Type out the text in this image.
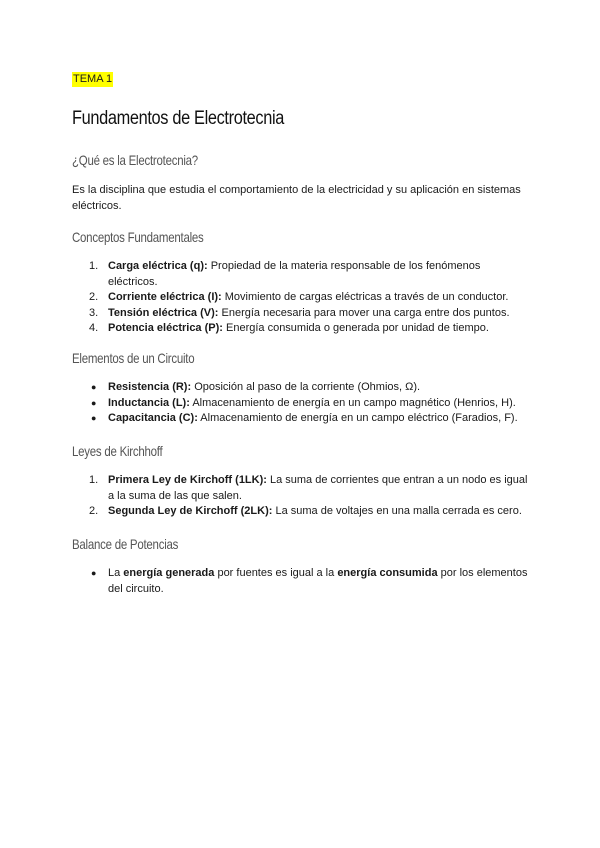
TEMA 1
Fundamentos de Electrotecnia
¿Qué es la Electrotecnia?
Es la disciplina que estudia el comportamiento de la electricidad y su aplicación en sistemas eléctricos.
Conceptos Fundamentales
1. Carga eléctrica (q): Propiedad de la materia responsable de los fenómenos eléctricos.
2. Corriente eléctrica (I): Movimiento de cargas eléctricas a través de un conductor.
3. Tensión eléctrica (V): Energía necesaria para mover una carga entre dos puntos.
4. Potencia eléctrica (P): Energía consumida o generada por unidad de tiempo.
Elementos de un Circuito
● Resistencia (R): Oposición al paso de la corriente (Ohmios, Ω).
● Inductancia (L): Almacenamiento de energía en un campo magnético (Henrios, H).
● Capacitancia (C): Almacenamiento de energía en un campo eléctrico (Faradios, F).
Leyes de Kirchhoff
1. Primera Ley de Kirchoff (1LK): La suma de corrientes que entran a un nodo es igual a la suma de las que salen.
2. Segunda Ley de Kirchoff (2LK): La suma de voltajes en una malla cerrada es cero.
Balance de Potencias
● La energía generada por fuentes es igual a la energía consumida por los elementos del circuito.
